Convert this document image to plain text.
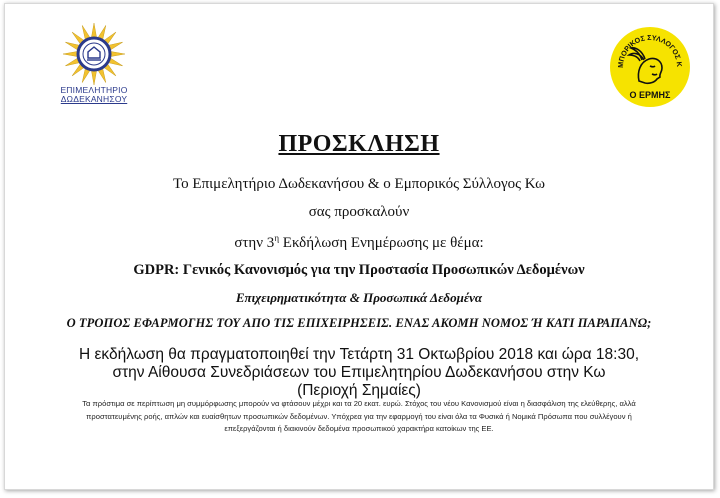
ΕΠΙΜΕΛΗΤΗΡΙΟ
ΔΩΔΕΚΑΝΗΣΟΥ
ΜΠΟΡΙΚΟΣ ΣΥΛΛΟΓΟΣ Κ
Ο ΕΡΜΗΣ
ΠΡΟΣΚΛΗΣΗ
Το Επιμελητήριο Δωδεκανήσου & ο Εμπορικός Σύλλογος Κω
σας προσκαλούν
στην $3^\eta$ Εκδήλωση Ενημέρωσης με θέμα:
GDPR: Γενικός Κανονισμός για την Προστασία Προσωπικών Δεδομένων
Επιχειρηματικότητα & Προσωπικά Δεδομένα
Ο ΤΡΟΠΟΣ ΕΦΑΡΜΟΓΗΣ ΤΟΥ ΑΠΟ ΤΙΣ ΕΠΙΧΕΙΡΗΣΕΙΣ. ΕΝΑΣ ΑΚΟΜΗ ΝΟΜΟΣ Ή ΚΑΤΙ ΠΑΡΑΠΑΝΩ;
Η εκδήλωση θα πραγματοποιηθεί την Τετάρτη 31 Οκτωβρίου 2018 και ώρα 18:30,
στην Αίθουσα Συνεδριάσεων του Επιμελητηρίου Δωδεκανήσου στην Κω
(Περιοχή Σημαίες)
Τα πρόστιμα σε περίπτωση μη συμμόρφωσης μπορούν να φτάσουν μέχρι και τα 20 εκατ. ευρώ. Στόχος του νέου Κανονισμού είναι η διασφάλιση της ελεύθερης, αλλά
προστατευμένης ροής, απλών και ευαίσθητων προσωπικών δεδομένων. Υπόχρεα για την εφαρμογή του είναι όλα τα Φυσικά ή Νομικά Πρόσωπα που συλλέγουν ή
επεξεργάζονται ή διακινούν δεδομένα προσωπικού χαρακτήρα κατοίκων της ΕΕ.
